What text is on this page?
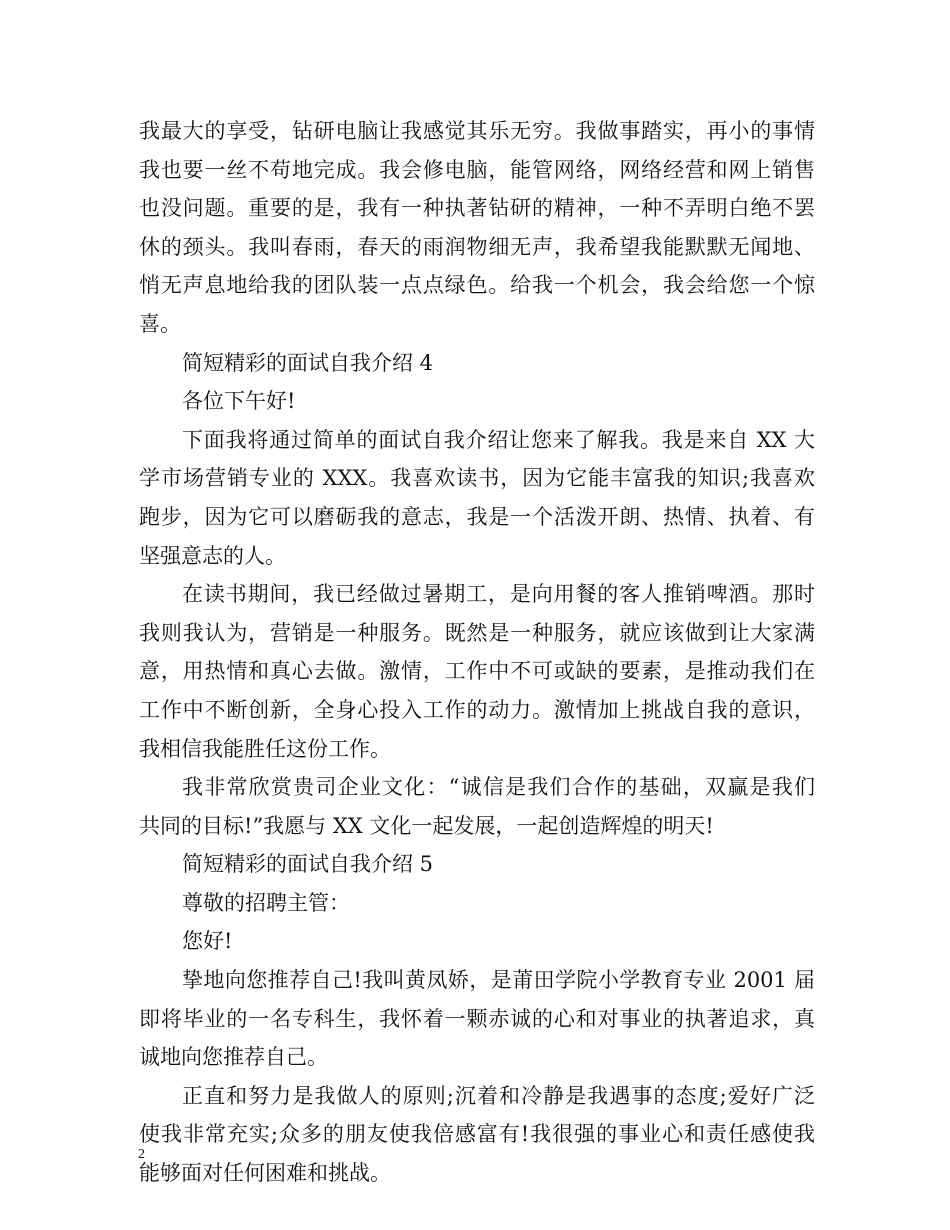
我最大的享受，钻研电脑让我感觉其乐无穷。我做事踏实，再小的事情
我也要一丝不苟地完成。我会修电脑，能管网络，网络经营和网上销售
也没问题。重要的是，我有一种执著钻研的精神，一种不弄明白绝不罢
休的颈头。我叫春雨，春天的雨润物细无声，我希望我能默默无闻地、
悄无声息地给我的团队装一点点绿色。给我一个机会，我会给您一个惊
喜。
简短精彩的面试自我介绍 4
各位下午好!
下面我将通过简单的面试自我介绍让您来了解我。我是来自 XX 大
学市场营销专业的 XXX。我喜欢读书，因为它能丰富我的知识;我喜欢
跑步，因为它可以磨砺我的意志，我是一个活泼开朗、热情、执着、有
坚强意志的人。
在读书期间，我已经做过暑期工，是向用餐的客人推销啤酒。那时
我则我认为，营销是一种服务。既然是一种服务，就应该做到让大家满
意，用热情和真心去做。激情，工作中不可或缺的要素，是推动我们在
工作中不断创新，全身心投入工作的动力。激情加上挑战自我的意识，
我相信我能胜任这份工作。
我非常欣赏贵司企业文化：“诚信是我们合作的基础，双赢是我们
共同的目标!”我愿与 XX 文化一起发展，一起创造辉煌的明天!
简短精彩的面试自我介绍 5
尊敬的招聘主管：
您好!
挚地向您推荐自己!我叫黄凤娇，是莆田学院小学教育专业 2001 届
即将毕业的一名专科生，我怀着一颗赤诚的心和对事业的执著追求，真
诚地向您推荐自己。
正直和努力是我做人的原则;沉着和冷静是我遇事的态度;爱好广泛
使我非常充实;众多的朋友使我倍感富有!我很强的事业心和责任感使我
能够面对任何困难和挑战。
2
